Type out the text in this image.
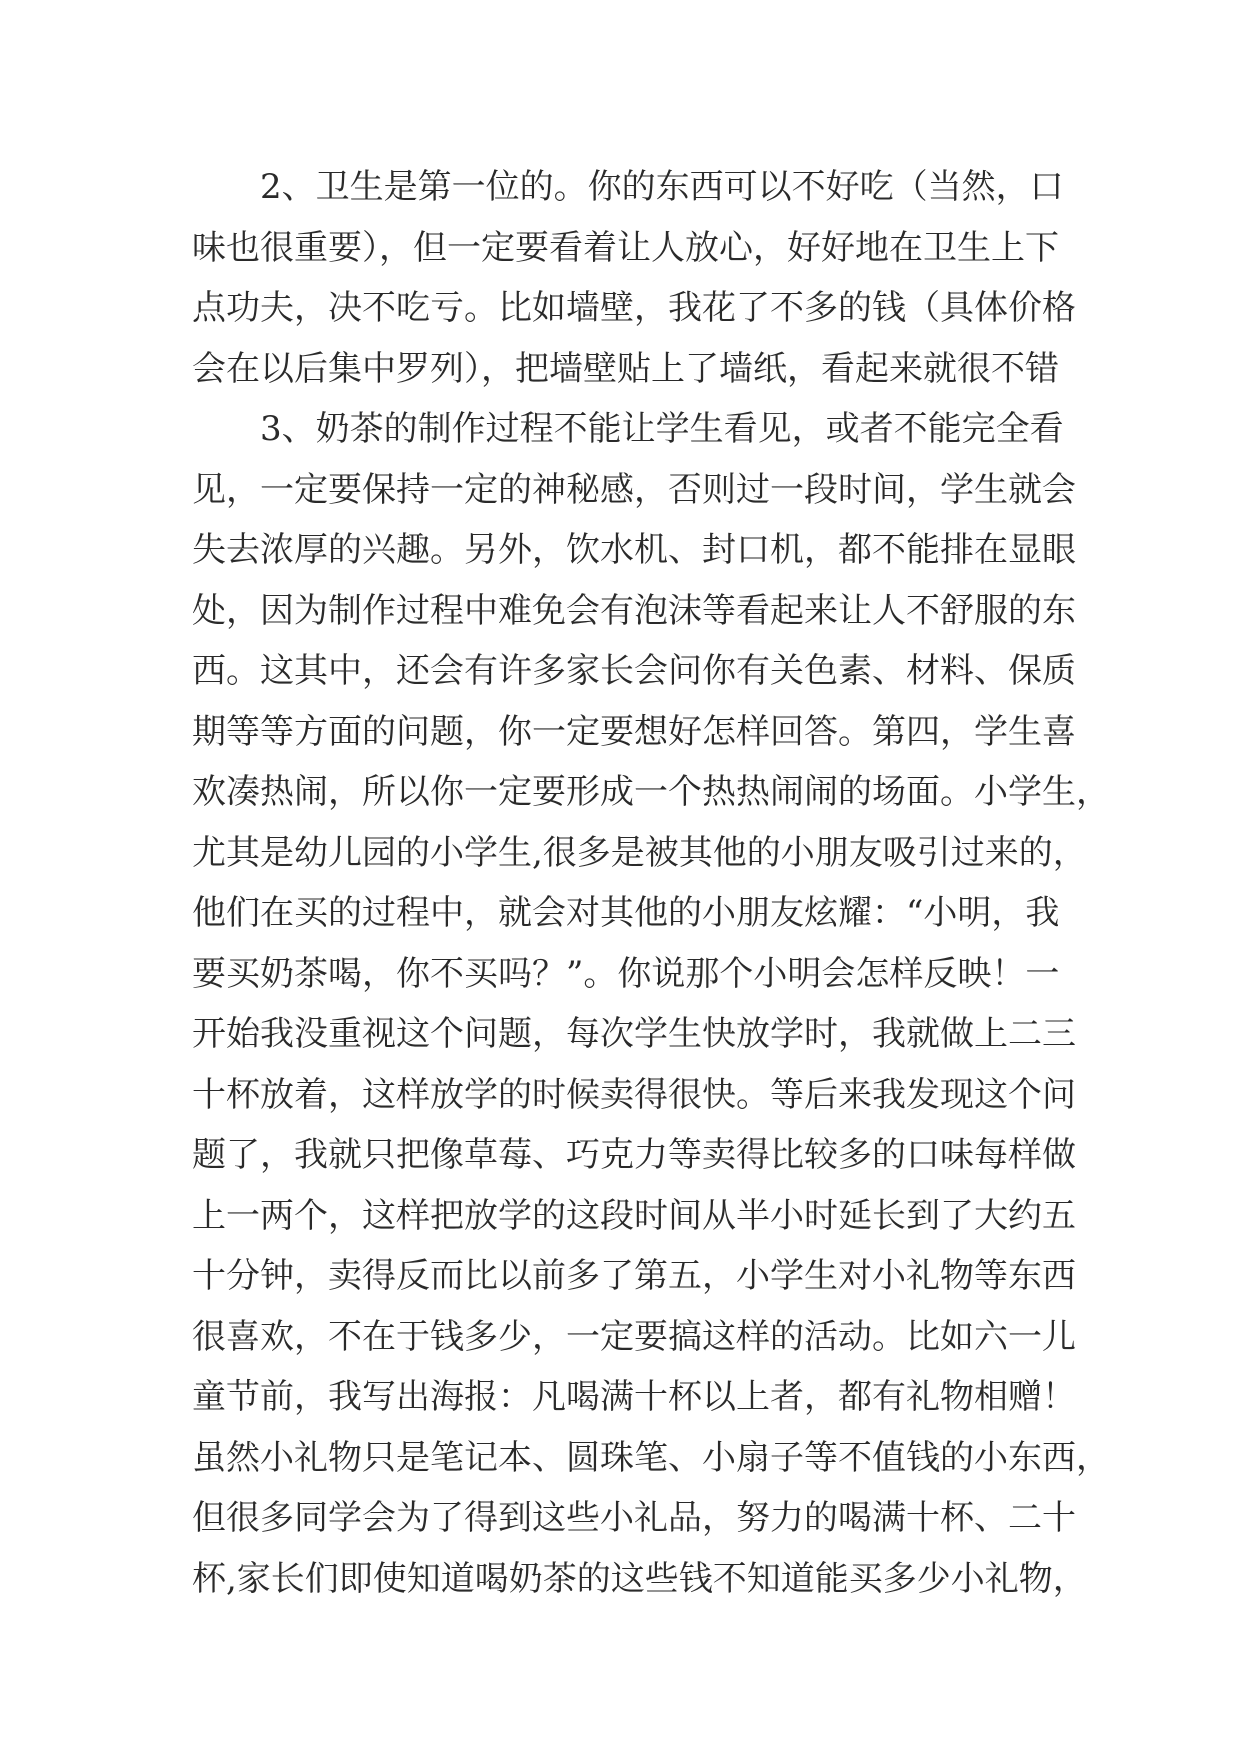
2、卫生是第一位的。你的东西可以不好吃（当然，口
味也很重要），但一定要看着让人放心，好好地在卫生上下
点功夫，决不吃亏。比如墙壁，我花了不多的钱（具体价格
会在以后集中罗列），把墙壁贴上了墙纸，看起来就很不错
3、奶茶的制作过程不能让学生看见，或者不能完全看
见，一定要保持一定的神秘感，否则过一段时间，学生就会
失去浓厚的兴趣。另外，饮水机、封口机，都不能排在显眼
处，因为制作过程中难免会有泡沫等看起来让人不舒服的东
西。这其中，还会有许多家长会问你有关色素、材料、保质
期等等方面的问题，你一定要想好怎样回答。第四，学生喜
欢凑热闹，所以你一定要形成一个热热闹闹的场面。小学生，
尤其是幼儿园的小学生,很多是被其他的小朋友吸引过来的，
他们在买的过程中，就会对其他的小朋友炫耀：“小明，我
要买奶茶喝，你不买吗？”。你说那个小明会怎样反映！一
开始我没重视这个问题，每次学生快放学时，我就做上二三
十杯放着，这样放学的时候卖得很快。等后来我发现这个问
题了，我就只把像草莓、巧克力等卖得比较多的口味每样做
上一两个，这样把放学的这段时间从半小时延长到了大约五
十分钟，卖得反而比以前多了第五，小学生对小礼物等东西
很喜欢，不在于钱多少，一定要搞这样的活动。比如六一儿
童节前，我写出海报：凡喝满十杯以上者，都有礼物相赠！
虽然小礼物只是笔记本、圆珠笔、小扇子等不值钱的小东西，
但很多同学会为了得到这些小礼品，努力的喝满十杯、二十
杯,家长们即使知道喝奶茶的这些钱不知道能买多少小礼物，
